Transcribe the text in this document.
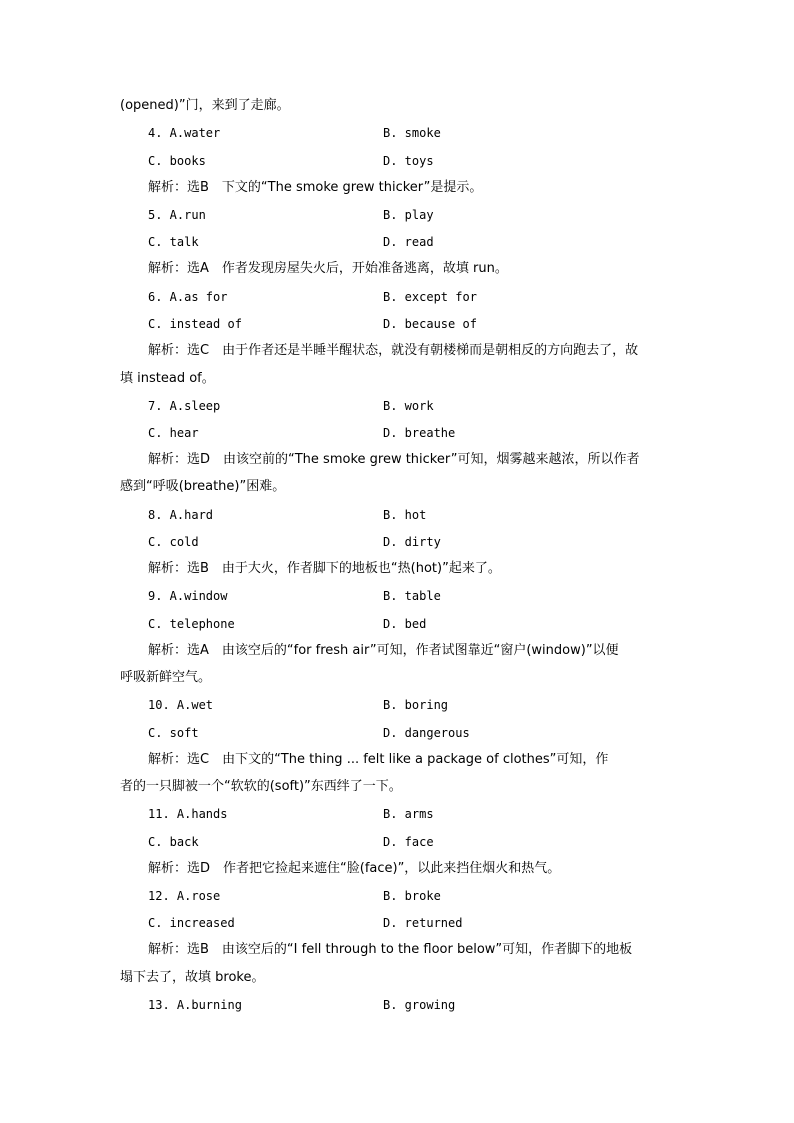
(opened)”门，来到了走廊。
4. A.water	B. smoke
C. books	D. toys
解析：选B　下文的“The smoke grew thicker”是提示。
5. A.run	B. play
C. talk	D. read
解析：选A　作者发现房屋失火后，开始准备逃离，故填 run。
6. A.as for	B. except for
C. instead of	D. because of
解析：选C　由于作者还是半睡半醒状态，就没有朝楼梯而是朝相反的方向跑去了，故
填 instead of。
7. A.sleep	B. work
C. hear	D. breathe
解析：选D　由该空前的“The smoke grew thicker”可知，烟雾越来越浓，所以作者
感到“呼吸(breathe)”困难。
8. A.hard	B. hot
C. cold	D. dirty
解析：选B　由于大火，作者脚下的地板也“热(hot)”起来了。
9. A.window	B. table
C. telephone	D. bed
解析：选A　由该空后的“for fresh air”可知，作者试图靠近“窗户(window)”以便
呼吸新鲜空气。
10. A.wet	B. boring
C. soft	D. dangerous
解析：选C　由下文的“The thing ... felt like a package of clothes”可知，作
者的一只脚被一个“软软的(soft)”东西绊了一下。
11. A.hands	B. arms
C. back	D. face
解析：选D　作者把它捡起来遮住“脸(face)”，以此来挡住烟火和热气。
12. A.rose	B. broke
C. increased	D. returned
解析：选B　由该空后的“I fell through to the floor below”可知，作者脚下的地板
塌下去了，故填 broke。
13. A.burning	B. growing
